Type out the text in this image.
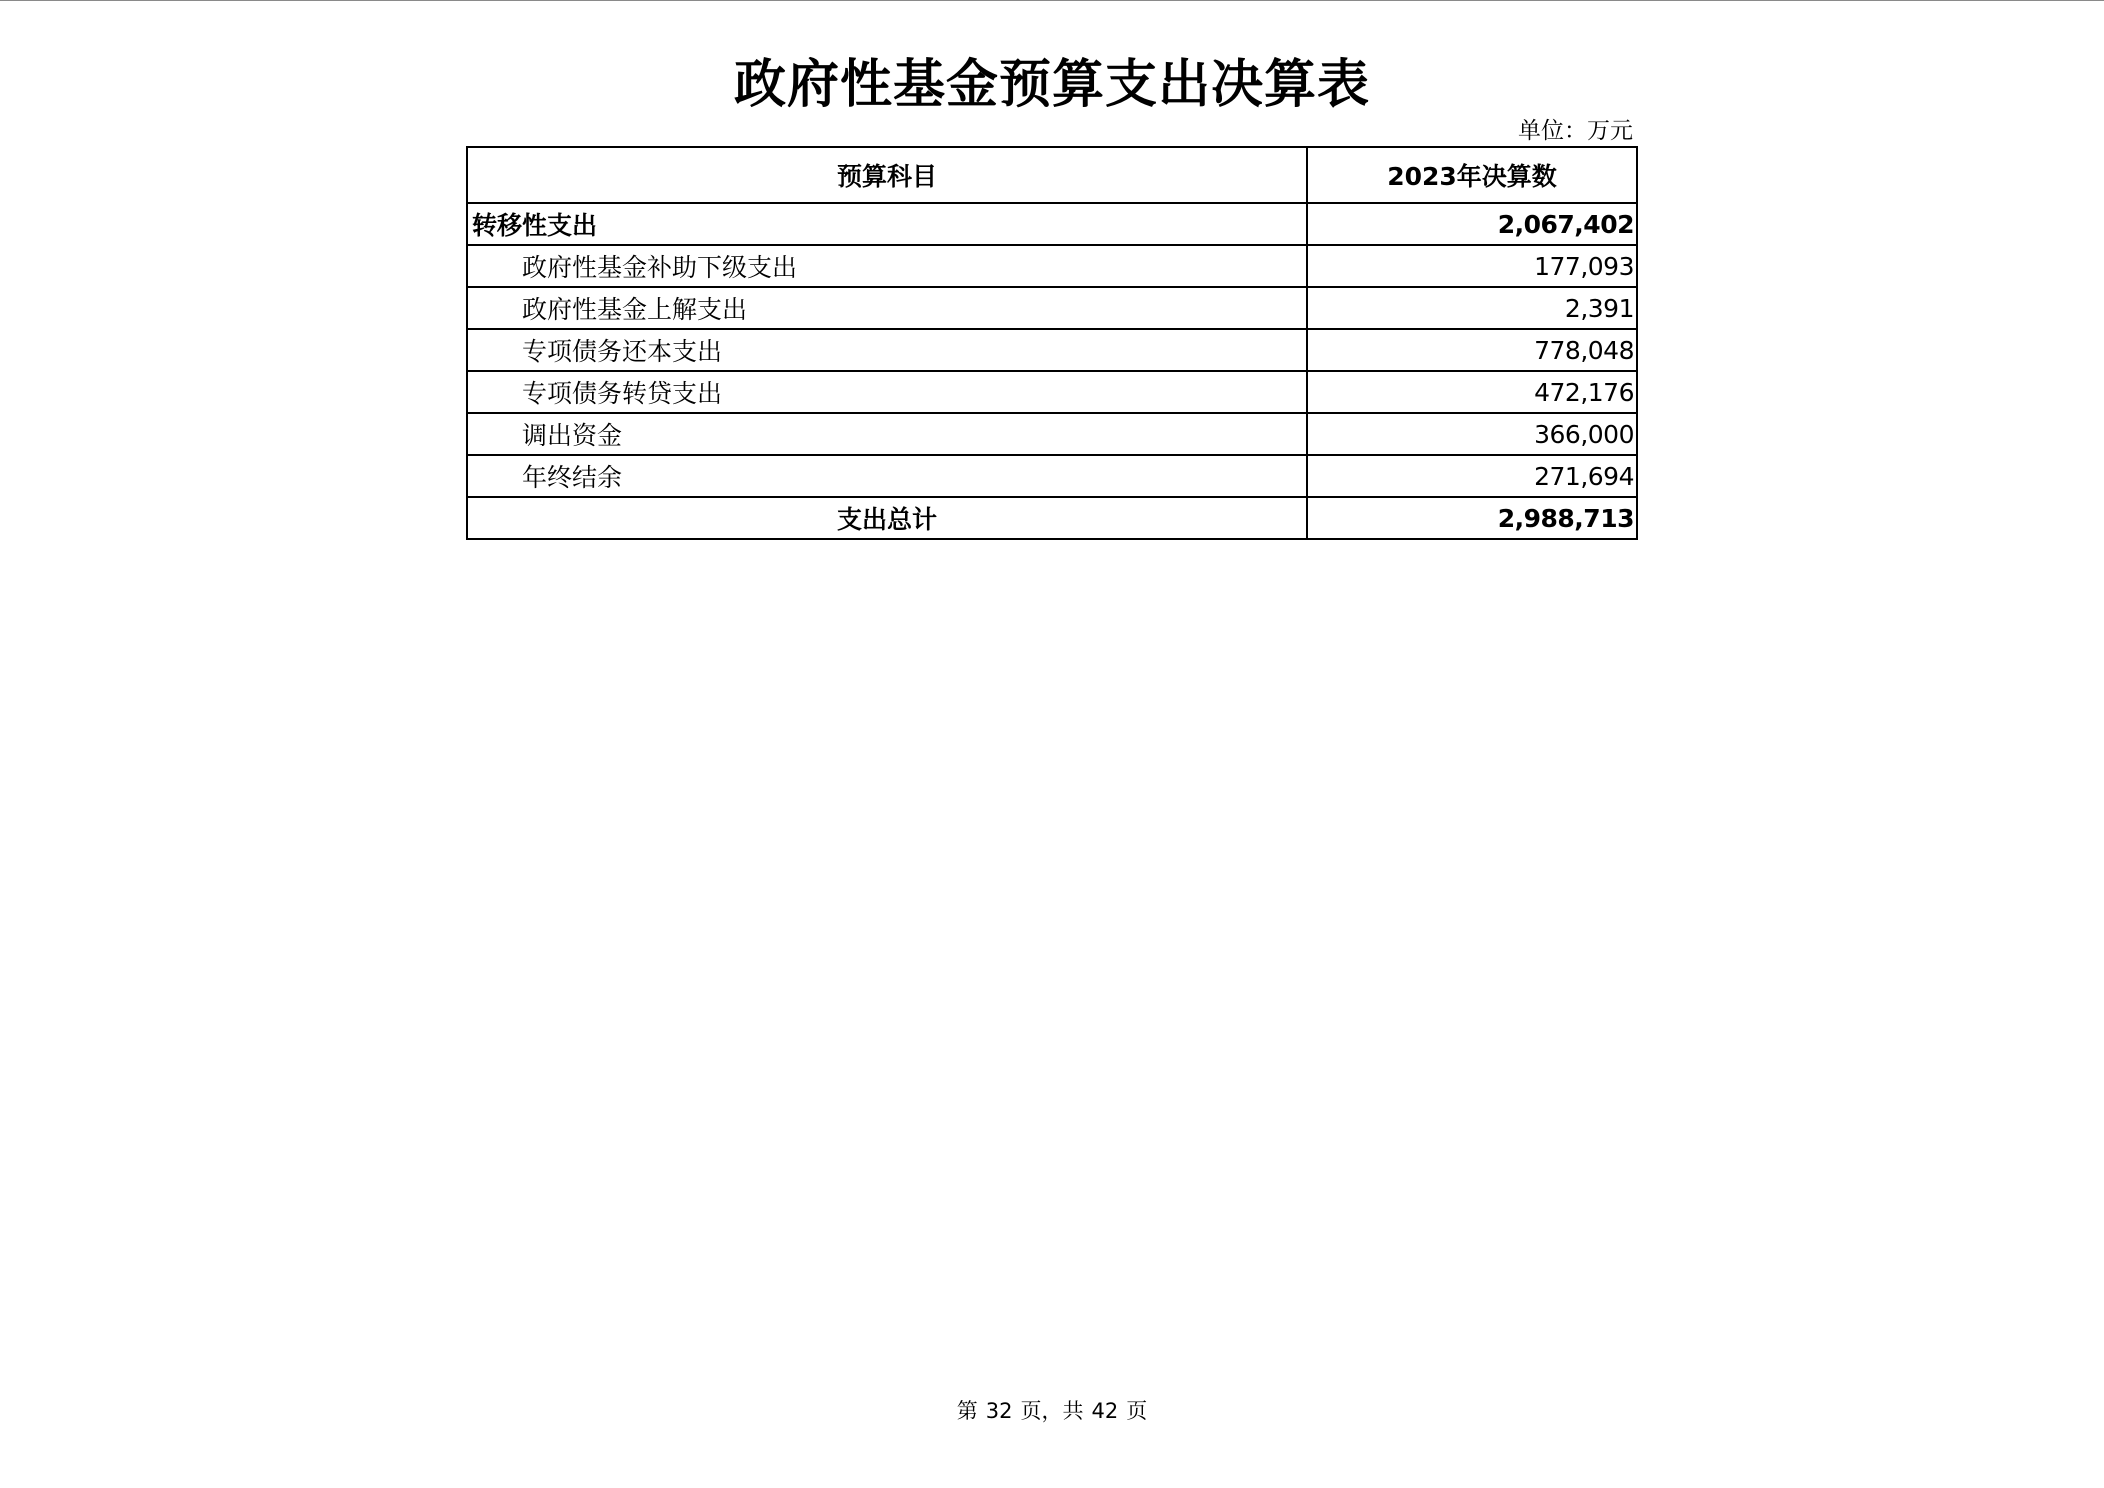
政府性基金预算支出决算表
单位：万元
预算科目	2023年决算数
转移性支出	2,067,402
政府性基金补助下级支出	177,093
政府性基金上解支出	2,391
专项债务还本支出	778,048
专项债务转贷支出	472,176
调出资金	366,000
年终结余	271,694
支出总计	2,988,713
第 32 页，共 42 页
